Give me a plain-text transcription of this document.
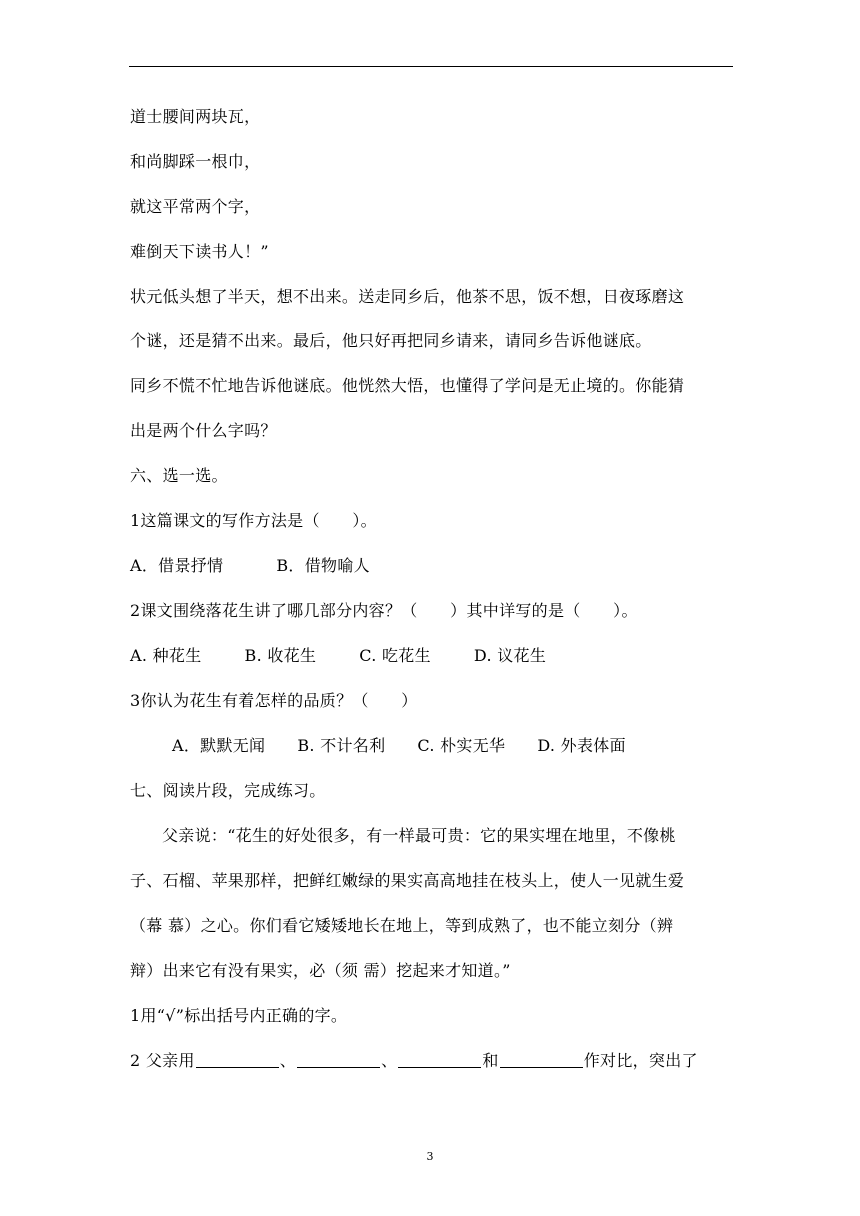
道士腰间两块瓦，
和尚脚踩一根巾，
就这平常两个字，
难倒天下读书人！”
状元低头想了半天，想不出来。送走同乡后，他茶不思，饭不想，日夜琢磨这
个谜，还是猜不出来。最后，他只好再把同乡请来，请同乡告诉他谜底。
同乡不慌不忙地告诉他谜底。他恍然大悟，也懂得了学问是无止境的。你能猜
出是两个什么字吗？
六、选一选。
1这篇课文的写作方法是（　　）。
A．借景抒情	B．借物喻人
2课文围绕落花生讲了哪几部分内容？（　　）其中详写的是（　　）。
A. 种花生	B. 收花生	C. 吃花生	D. 议花生
3你认为花生有着怎样的品质？（　　）
A．默默无闻 B. 不计名利 C. 朴实无华 D. 外表体面
七、阅读片段，完成练习。
父亲说：“花生的好处很多，有一样最可贵：它的果实埋在地里，不像桃
子、石榴、苹果那样，把鲜红嫩绿的果实高高地挂在枝头上，使人一见就生爱
（幕 慕）之心。你们看它矮矮地长在地上，等到成熟了，也不能立刻分（辨
辩）出来它有没有果实，必（须 需）挖起来才知道。”
1用“√”标出括号内正确的字。
2 父亲用	、	、	和	作对比，突出了
3
